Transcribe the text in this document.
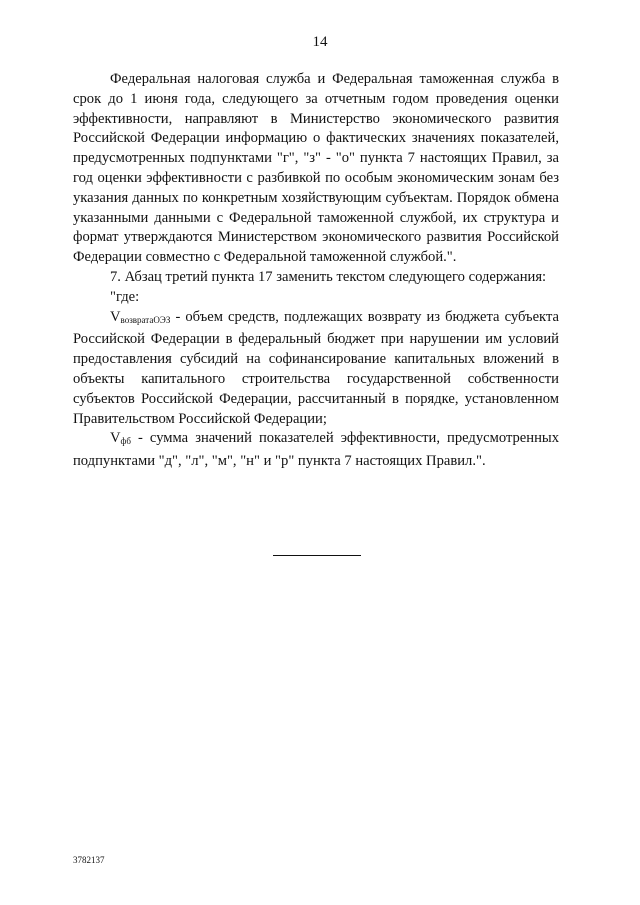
14

Федеральная налоговая служба и Федеральная таможенная служба в срок до 1 июня года, следующего за отчетным годом проведения оценки эффективности, направляют в Министерство экономического развития Российской Федерации информацию о фактических значениях показателей, предусмотренных подпунктами "г", "з" - "о" пункта 7 настоящих Правил, за год оценки эффективности с разбивкой по особым экономическим зонам без указания данных по конкретным хозяйствующим субъектам. Порядок обмена указанными данными с Федеральной таможенной службой, их структура и формат утверждаются Министерством экономического развития Российской Федерации совместно с Федеральной таможенной службой.".

7. Абзац третий пункта 17 заменить текстом следующего содержания:

"где:

$V_{возвратаОЭЗ}$ - объем средств, подлежащих возврату из бюджета субъекта Российской Федерации в федеральный бюджет при нарушении им условий предоставления субсидий на софинансирование капитальных вложений в объекты капитального строительства государственной собственности субъектов Российской Федерации, рассчитанный в порядке, установленном Правительством Российской Федерации;

$V_{фб}$ - сумма значений показателей эффективности, предусмотренных подпунктами "д", "л", "м", "н" и "р" пункта 7 настоящих Правил.".

3782137
